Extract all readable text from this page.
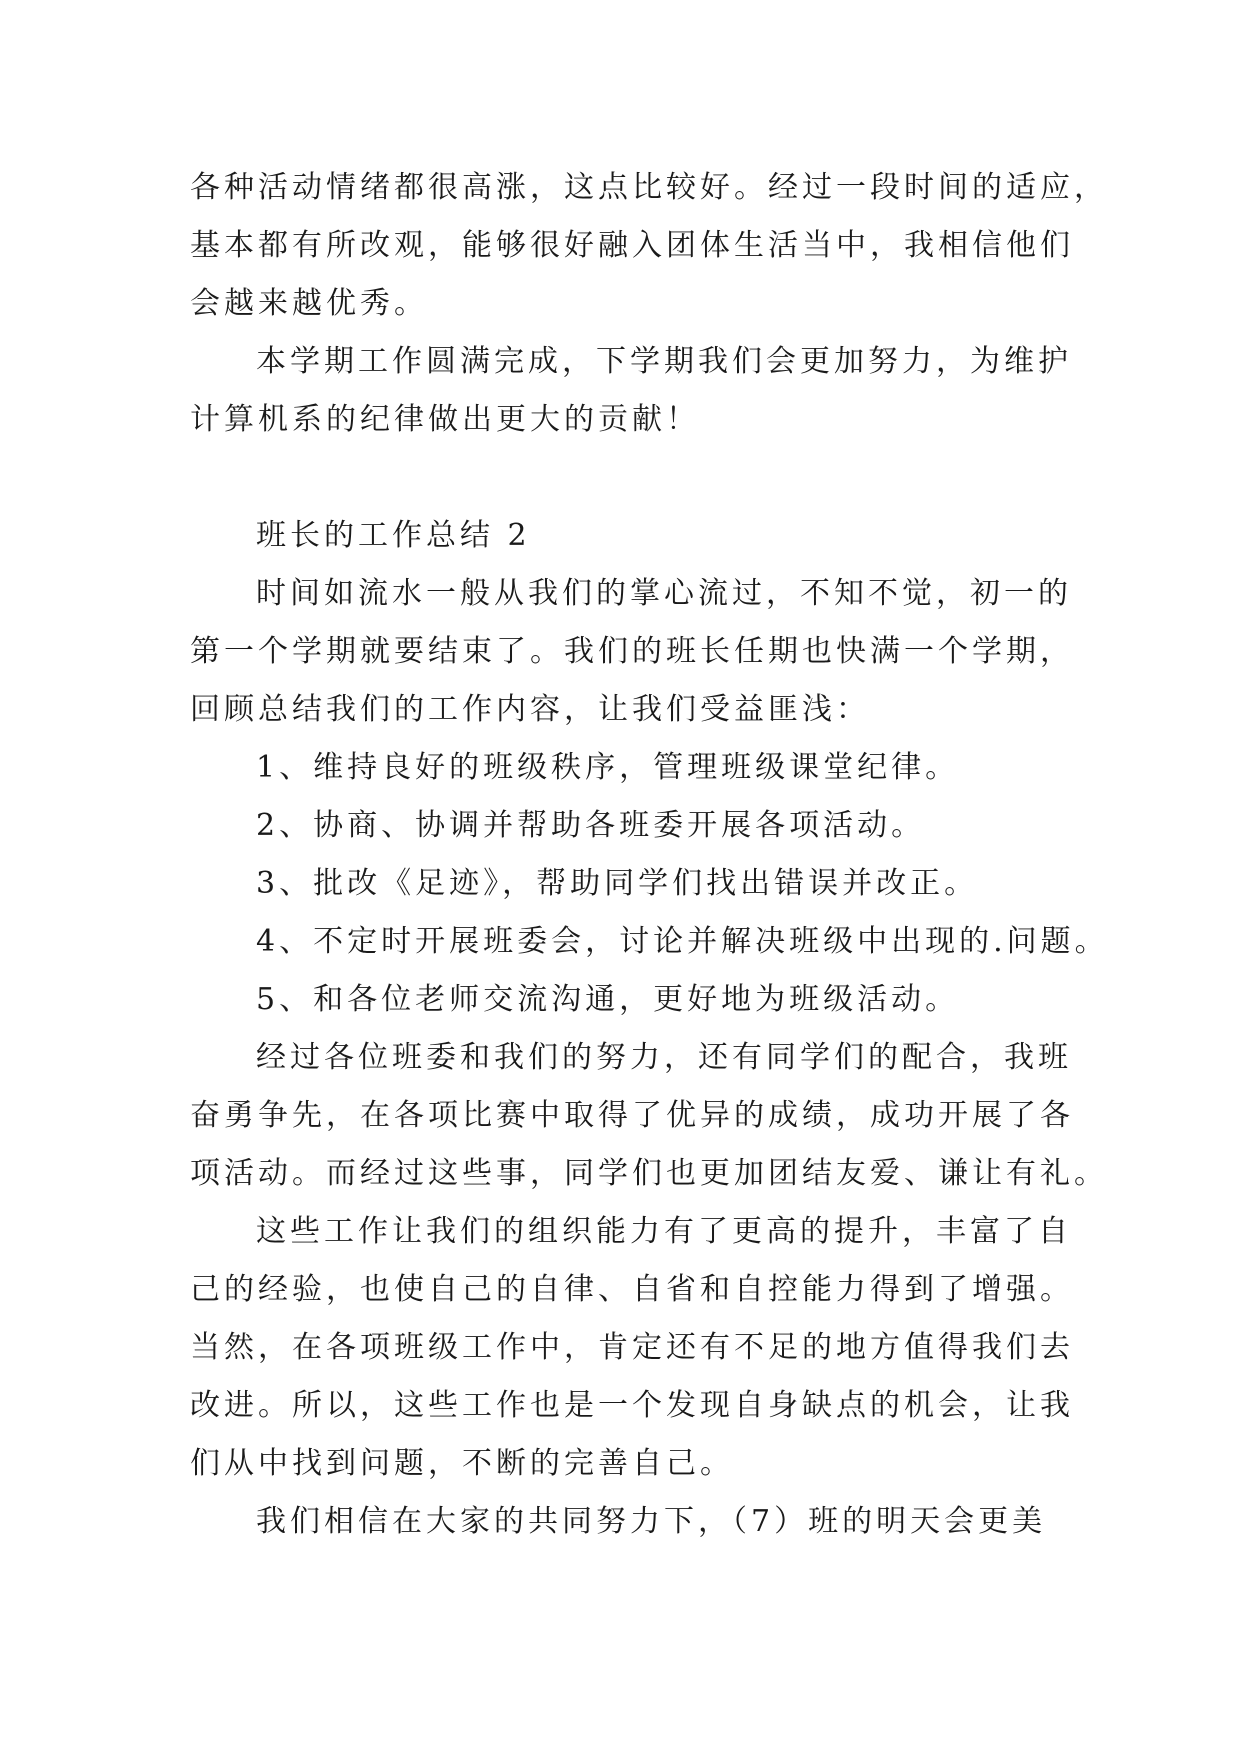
各种活动情绪都很高涨，这点比较好。经过一段时间的适应，
基本都有所改观，能够很好融入团体生活当中，我相信他们
会越来越优秀。
本学期工作圆满完成，下学期我们会更加努力，为维护
计算机系的纪律做出更大的贡献！
班长的工作总结 2
时间如流水一般从我们的掌心流过，不知不觉，初一的
第一个学期就要结束了。我们的班长任期也快满一个学期，
回顾总结我们的工作内容，让我们受益匪浅：
1、维持良好的班级秩序，管理班级课堂纪律。
2、协商、协调并帮助各班委开展各项活动。
3、批改《足迹》，帮助同学们找出错误并改正。
4、不定时开展班委会，讨论并解决班级中出现的.问题。
5、和各位老师交流沟通，更好地为班级活动。
经过各位班委和我们的努力，还有同学们的配合，我班
奋勇争先，在各项比赛中取得了优异的成绩，成功开展了各
项活动。而经过这些事，同学们也更加团结友爱、谦让有礼。
这些工作让我们的组织能力有了更高的提升，丰富了自
己的经验，也使自己的自律、自省和自控能力得到了增强。
当然，在各项班级工作中，肯定还有不足的地方值得我们去
改进。所以，这些工作也是一个发现自身缺点的机会，让我
们从中找到问题，不断的完善自己。
我们相信在大家的共同努力下，（7）班的明天会更美
